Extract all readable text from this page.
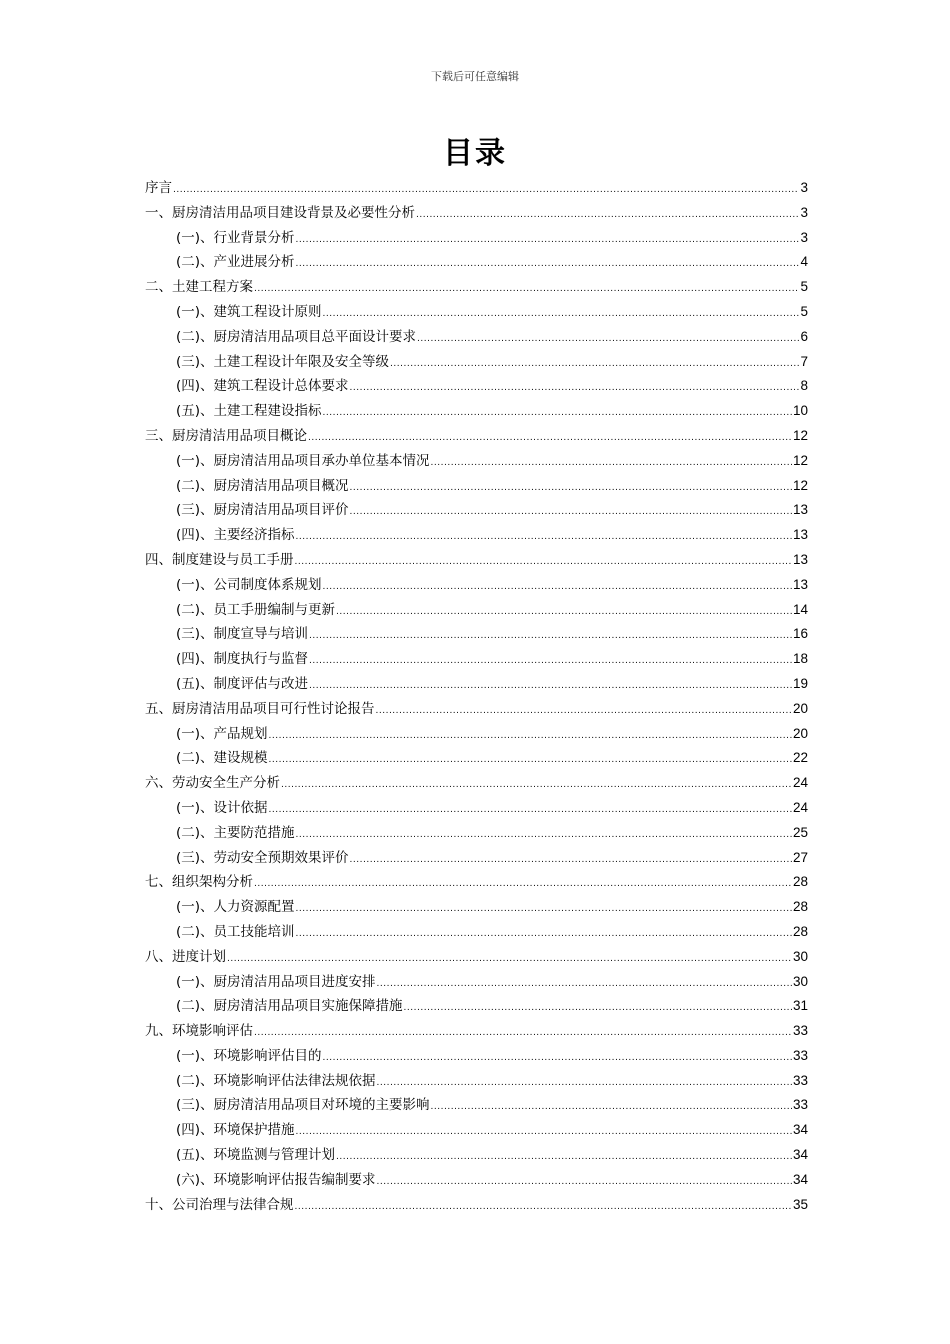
下载后可任意编辑
目录
序言 .....	3
一、厨房清洁用品项目建设背景及必要性分析 .....	3
(一)、行业背景分析 .....	3
(二)、产业进展分析 .....	4
二、土建工程方案 .....	5
(一)、建筑工程设计原则 .....	5
(二)、厨房清洁用品项目总平面设计要求 .....	6
(三)、土建工程设计年限及安全等级 .....	7
(四)、建筑工程设计总体要求 .....	8
(五)、土建工程建设指标 .....	10
三、厨房清洁用品项目概论 .....	12
(一)、厨房清洁用品项目承办单位基本情况 .....	12
(二)、厨房清洁用品项目概况 .....	12
(三)、厨房清洁用品项目评价 .....	13
(四)、主要经济指标 .....	13
四、制度建设与员工手册 .....	13
(一)、公司制度体系规划 .....	13
(二)、员工手册编制与更新 .....	14
(三)、制度宣导与培训 .....	16
(四)、制度执行与监督 .....	18
(五)、制度评估与改进 .....	19
五、厨房清洁用品项目可行性讨论报告 .....	20
(一)、产品规划 .....	20
(二)、建设规模 .....	22
六、劳动安全生产分析 .....	24
(一)、设计依据 .....	24
(二)、主要防范措施 .....	25
(三)、劳动安全预期效果评价 .....	27
七、组织架构分析 .....	28
(一)、人力资源配置 .....	28
(二)、员工技能培训 .....	28
八、进度计划 .....	30
(一)、厨房清洁用品项目进度安排 .....	30
(二)、厨房清洁用品项目实施保障措施 .....	31
九、环境影响评估 .....	33
(一)、环境影响评估目的 .....	33
(二)、环境影响评估法律法规依据 .....	33
(三)、厨房清洁用品项目对环境的主要影响 .....	33
(四)、环境保护措施 .....	34
(五)、环境监测与管理计划 .....	34
(六)、环境影响评估报告编制要求 .....	34
十、公司治理与法律合规 .....	35
